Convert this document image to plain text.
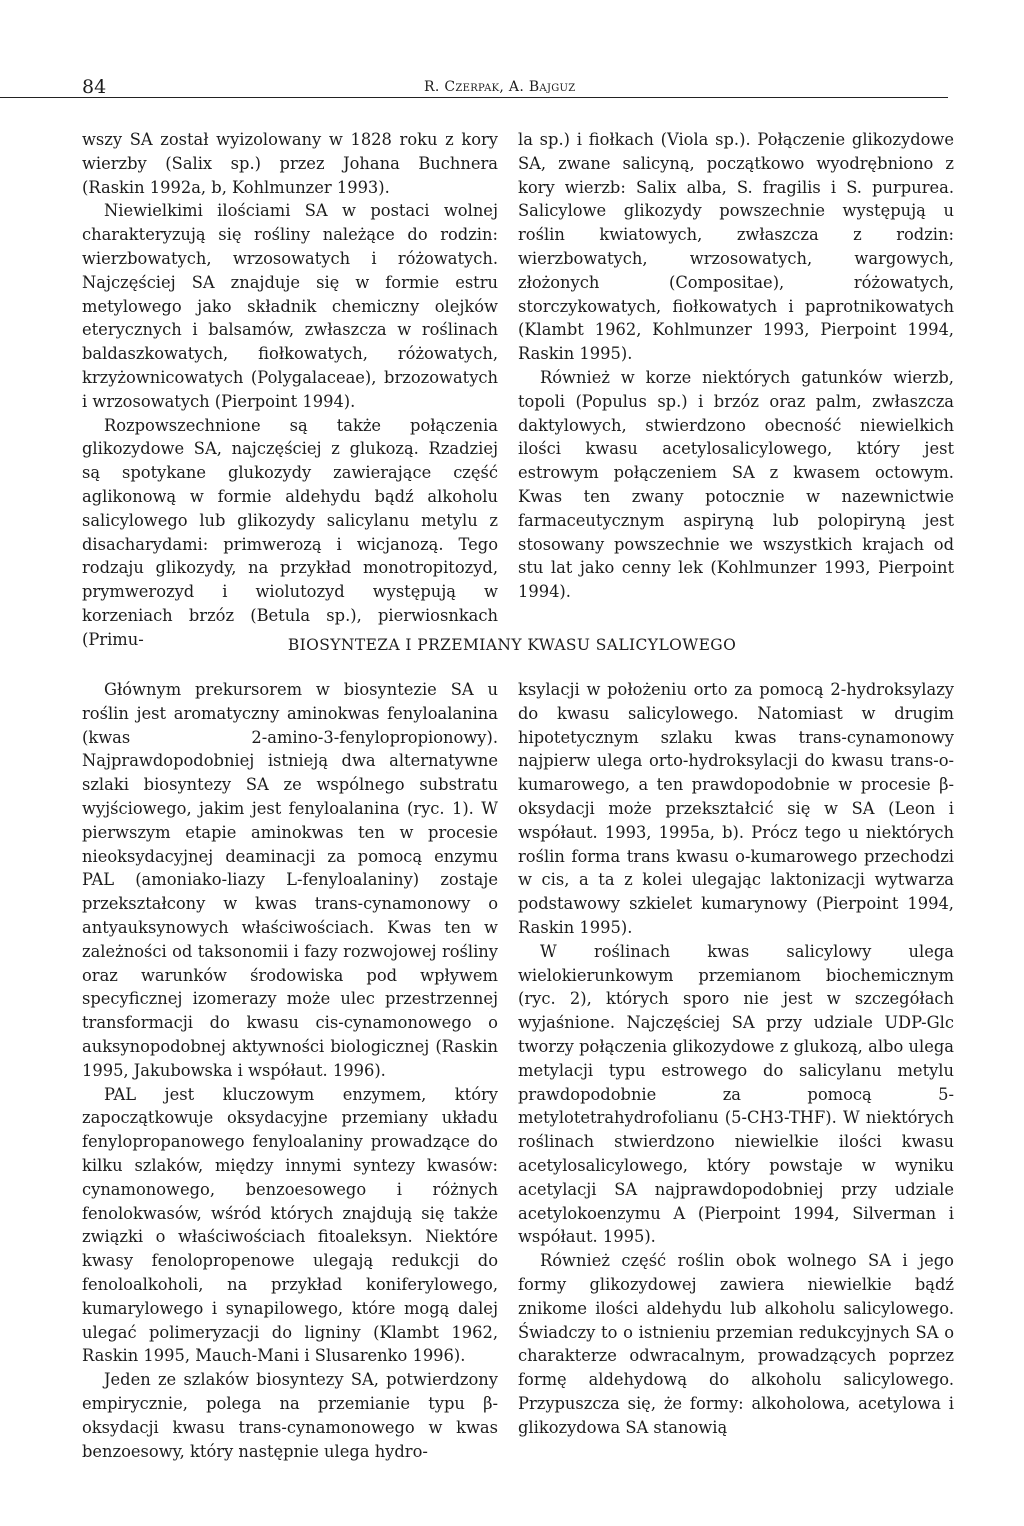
84	R. Czerpak, A. Bajguz

wszy SA został wyizolowany w 1828 roku z kory wierzby (Salix sp.) przez Johana Buchnera (Raskin 1992a, b, Kohlmunzer 1993).

Niewielkimi ilościami SA w postaci wolnej charakteryzują się rośliny należące do rodzin: wierzbowatych, wrzosowatych i różowatych. Najczęściej SA znajduje się w formie estru metylowego jako składnik chemiczny olejków eterycznych i balsamów, zwłaszcza w roślinach baldaszkowatych, fiołkowatych, różowatych, krzyżownicowatych (Polygalaceae), brzozowatych i wrzosowatych (Pierpoint 1994).

Rozpowszechnione są także połączenia glikozydowe SA, najczęściej z glukozą. Rzadziej są spotykane glukozydy zawierające część aglikonową w formie aldehydu bądź alkoholu salicylowego lub glikozydy salicylanu metylu z disacharydami: primwerozą i wicjanozą. Tego rodzaju glikozydy, na przykład monotropitozyd, prymwerozyd i wiolutozyd występują w korzeniach brzóz (Betula sp.), pierwiosnkach (Primu-

la sp.) i fiołkach (Viola sp.). Połączenie glikozydowe SA, zwane salicyną, początkowo wyodrębniono z kory wierzb: Salix alba, S. fragilis i S. purpurea. Salicylowe glikozydy powszechnie występują u roślin kwiatowych, zwłaszcza z rodzin: wierzbowatych, wrzosowatych, wargowych, złożonych (Compositae), różowatych, storczykowatych, fiołkowatych i paprotnikowatych (Klambt 1962, Kohlmunzer 1993, Pierpoint 1994, Raskin 1995).

Również w korze niektórych gatunków wierzb, topoli (Populus sp.) i brzóz oraz palm, zwłaszcza daktylowych, stwierdzono obecność niewielkich ilości kwasu acetylosalicylowego, który jest estrowym połączeniem SA z kwasem octowym. Kwas ten zwany potocznie w nazewnictwie farmaceutycznym aspiryną lub polopiryną jest stosowany powszechnie we wszystkich krajach od stu lat jako cenny lek (Kohlmunzer 1993, Pierpoint 1994).

BIOSYNTEZA I PRZEMIANY KWASU SALICYLOWEGO

Głównym prekursorem w biosyntezie SA u roślin jest aromatyczny aminokwas fenyloalanina (kwas 2-amino-3-fenylopropionowy). Najprawdopodobniej istnieją dwa alternatywne szlaki biosyntezy SA ze wspólnego substratu wyjściowego, jakim jest fenyloalanina (ryc. 1). W pierwszym etapie aminokwas ten w procesie nieoksydacyjnej deaminacji za pomocą enzymu PAL (amoniako-liazy L-fenyloalaniny) zostaje przekształcony w kwas trans-cynamonowy o antyauksynowych właściwościach. Kwas ten w zależności od taksonomii i fazy rozwojowej rośliny oraz warunków środowiska pod wpływem specyficznej izomerazy może ulec przestrzennej transformacji do kwasu cis-cynamonowego o auksynopodobnej aktywności biologicznej (Raskin 1995, Jakubowska i współaut. 1996).

PAL jest kluczowym enzymem, który zapoczątkowuje oksydacyjne przemiany układu fenylopropanowego fenyloalaniny prowadzące do kilku szlaków, między innymi syntezy kwasów: cynamonowego, benzoesowego i różnych fenolokwasów, wśród których znajdują się także związki o właściwościach fitoaleksyn. Niektóre kwasy fenolopropenowe ulegają redukcji do fenoloalkoholi, na przykład koniferylowego, kumarylowego i synapilowego, które mogą dalej ulegać polimeryzacji do ligniny (Klambt 1962, Raskin 1995, Mauch-Mani i Slusarenko 1996).

Jeden ze szlaków biosyntezy SA, potwierdzony empirycznie, polega na przemianie typu β-oksydacji kwasu trans-cynamonowego w kwas benzoesowy, który następnie ulega hydro-

ksylacji w położeniu orto za pomocą 2-hydroksylazy do kwasu salicylowego. Natomiast w drugim hipotetycznym szlaku kwas trans-cynamonowy najpierw ulega orto-hydroksylacji do kwasu trans-o-kumarowego, a ten prawdopodobnie w procesie β-oksydacji może przekształcić się w SA (Leon i współaut. 1993, 1995a, b). Prócz tego u niektórych roślin forma trans kwasu o-kumarowego przechodzi w cis, a ta z kolei ulegając laktonizacji wytwarza podstawowy szkielet kumarynowy (Pierpoint 1994, Raskin 1995).

W roślinach kwas salicylowy ulega wielokierunkowym przemianom biochemicznym (ryc. 2), których sporo nie jest w szczegółach wyjaśnione. Najczęściej SA przy udziale UDP-Glc tworzy połączenia glikozydowe z glukozą, albo ulega metylacji typu estrowego do salicylanu metylu prawdopodobnie za pomocą 5-metylotetrahydrofolianu (5-CH3-THF). W niektórych roślinach stwierdzono niewielkie ilości kwasu acetylosalicylowego, który powstaje w wyniku acetylacji SA najprawdopodobniej przy udziale acetylokoenzymu A (Pierpoint 1994, Silverman i współaut. 1995).

Również część roślin obok wolnego SA i jego formy glikozydowej zawiera niewielkie bądź znikome ilości aldehydu lub alkoholu salicylowego. Świadczy to o istnieniu przemian redukcyjnych SA o charakterze odwracalnym, prowadzących poprzez formę aldehydową do alkoholu salicylowego. Przypuszcza się, że formy: alkoholowa, acetylowa i glikozydowa SA stanowią
